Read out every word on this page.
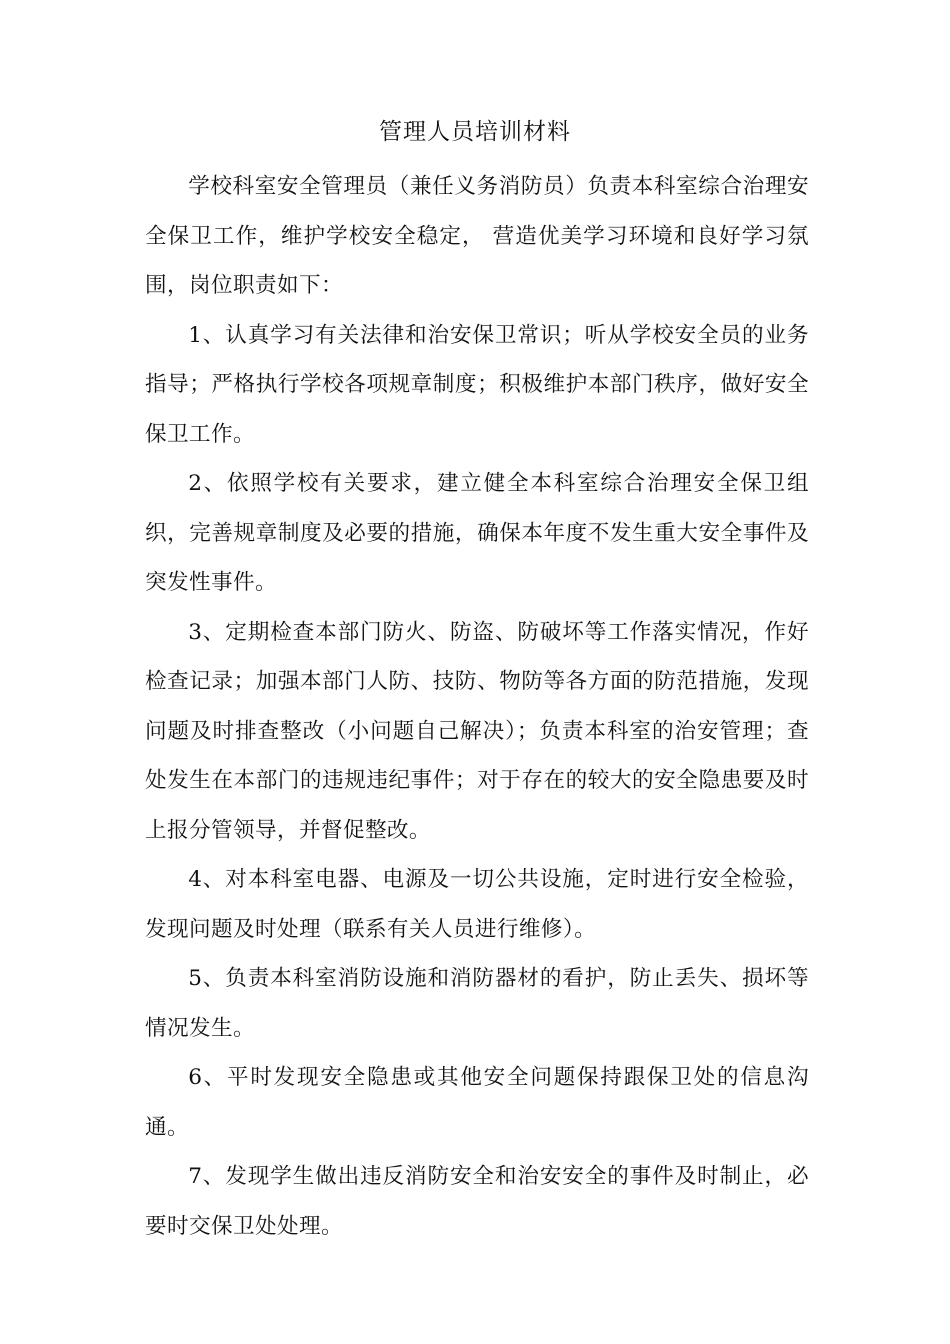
管理人员培训材料

学校科室安全管理员（兼任义务消防员）负责本科室综合治理安全保卫工作，维护学校安全稳定， 营造优美学习环境和良好学习氛围，岗位职责如下：

1、认真学习有关法律和治安保卫常识；听从学校安全员的业务指导；严格执行学校各项规章制度；积极维护本部门秩序，做好安全保卫工作。

2、依照学校有关要求，建立健全本科室综合治理安全保卫组织，完善规章制度及必要的措施，确保本年度不发生重大安全事件及突发性事件。

3、定期检查本部门防火、防盗、防破坏等工作落实情况，作好检查记录；加强本部门人防、技防、物防等各方面的防范措施，发现问题及时排查整改（小问题自己解决）；负责本科室的治安管理；查处发生在本部门的违规违纪事件；对于存在的较大的安全隐患要及时上报分管领导，并督促整改。

4、对本科室电器、电源及一切公共设施，定时进行安全检验，发现问题及时处理（联系有关人员进行维修）。

5、负责本科室消防设施和消防器材的看护，防止丢失、损坏等情况发生。

6、平时发现安全隐患或其他安全问题保持跟保卫处的信息沟通。

7、发现学生做出违反消防安全和治安安全的事件及时制止，必要时交保卫处处理。
